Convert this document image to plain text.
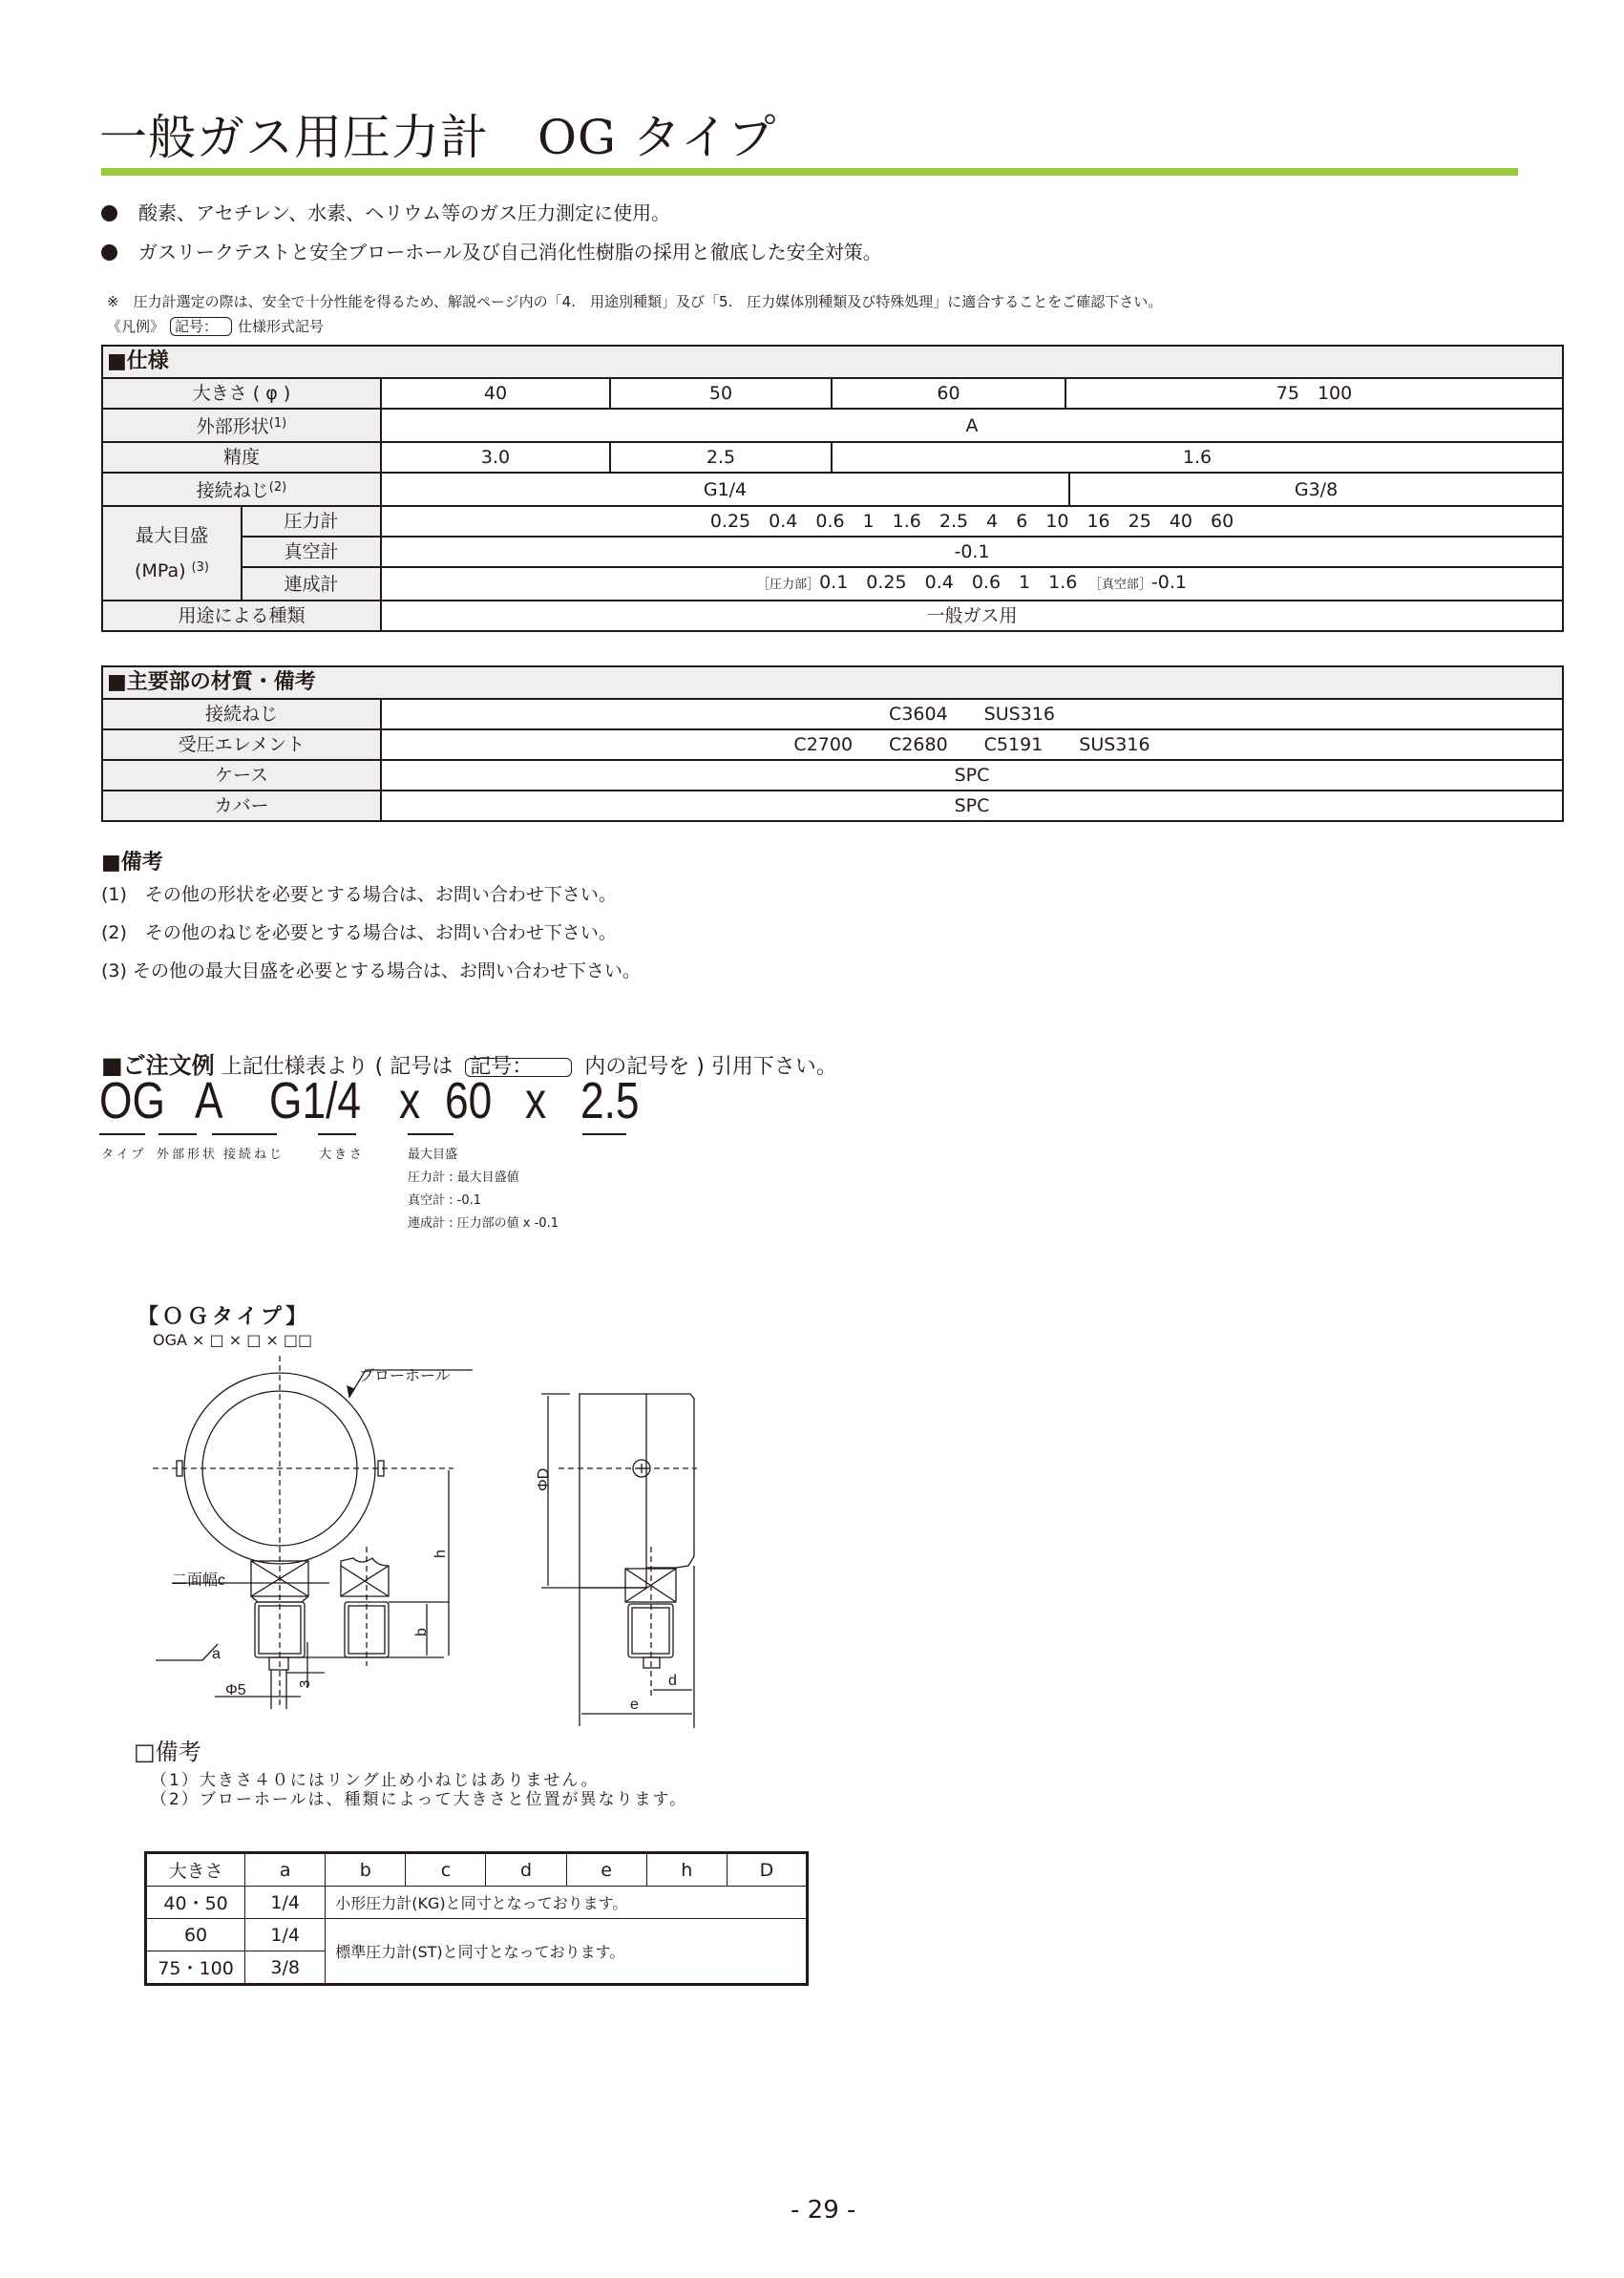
一般ガス用圧力計　OG タイプ
酸素、アセチレン、水素、ヘリウム等のガス圧力測定に使用。
ガスリークテストと安全ブローホール及び自己消化性樹脂の採用と徹底した安全対策。
※　圧力計選定の際は、安全で十分性能を得るため、解説ページ内の「4.　用途別種類」及び「5.　圧力媒体別種類及び特殊処理」に適合することをご確認下さい。
《凡例》 記号： 仕様形式記号
■仕様						
大きさ ( φ )		40	50	60	75　100	
外部形状$^{(1)}$		A				
精度		3.0	2.5	1.6		
接続ねじ$^{(2)}$		G1/4				G3/8
最大目盛
(MPa) $^{(3)}$	圧力計	0.25　0.4　0.6　1　1.6　2.5　4　6　10　16　25　40　60				
	真空計	-0.1				
	連成計	［圧力部］0.1　0.25　0.4　0.6　1　1.6　 ［真空部］-0.1				
用途による種類		一般ガス用				
■主要部の材質・備考	
接続ねじ	C3604　　SUS316
受圧エレメント	C2700　　C2680　　C5191　　SUS316
ケース	SPC
カバー	SPC
■備考
(1)　その他の形状を必要とする場合は、お問い合わせ下さい。
(2)　その他のねじを必要とする場合は、お問い合わせ下さい。
(3) その他の最大目盛を必要とする場合は、お問い合わせ下さい。
■ご注文例 上記仕様表より ( 記号は 記号： 内の記号を ) 引用下さい。
OG A G1/4 x 60 x 2.5
タイプ 外部形状 接続ねじ	大きさ	最大目盛
圧力計 : 最大目盛値
真空計 : -0.1
連成計 : 圧力部の値 x -0.1
【ＯＧタイプ】
OGA × □ × □ × □□
二面幅c
a
Φ5	3
b
h
ブローホール
ΦD
d
e
□備考
（1）大きさ４０にはリング止め小ねじはありません。
（2）ブローホールは、種類によって大きさと位置が異なります。
大きさ	a	b	c	d	e	h	D
40・50	1/4	小形圧力計(KG)と同寸となっております。					
60	1/4	標準圧力計(ST)と同寸となっております。					
75・100	3/8						
- 29 -
